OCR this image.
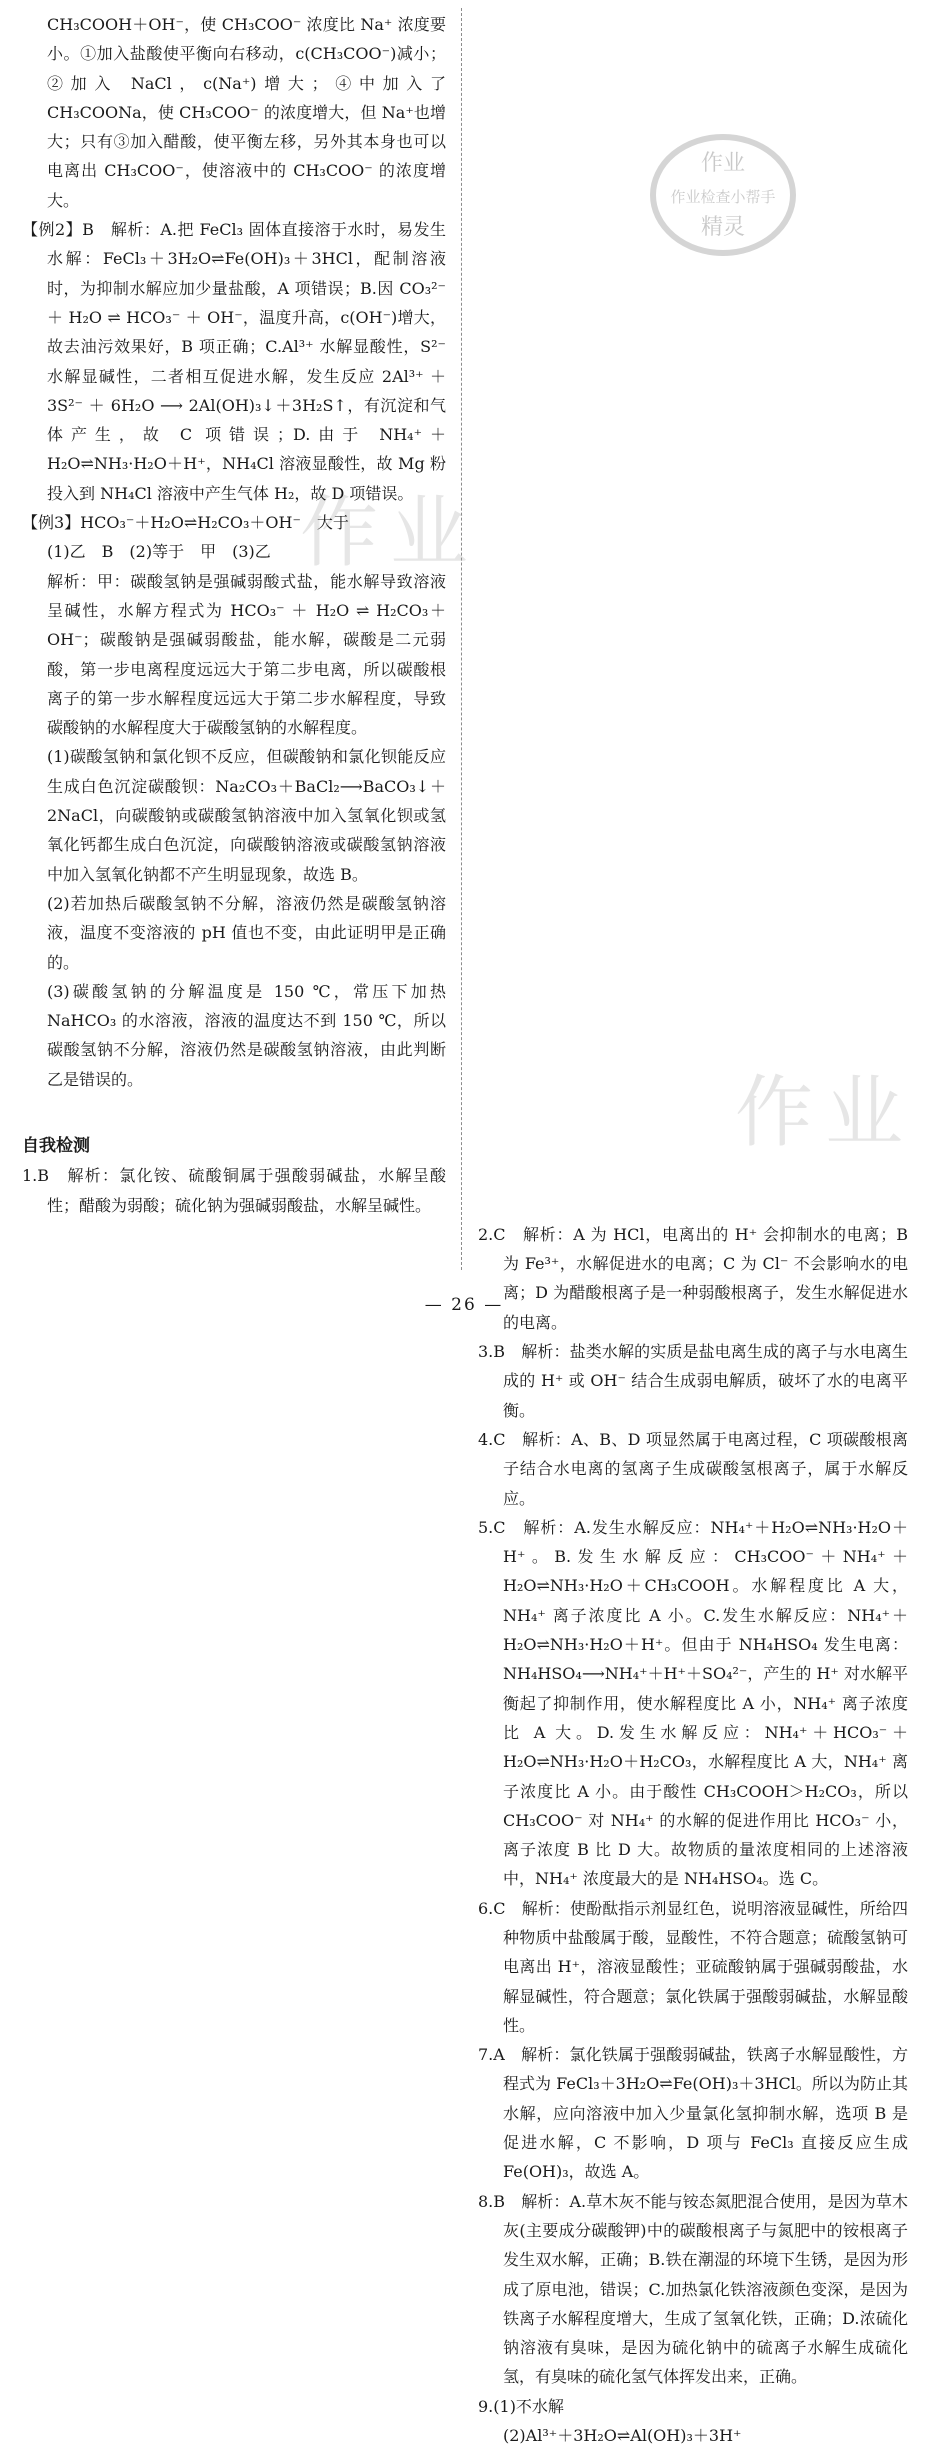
作业
作业
作业
作业检查小帮手
精灵

CH₃COOH＋OH⁻，使 CH₃COO⁻ 浓度比 Na⁺ 浓度要小。①加入盐酸使平衡向右移动，c(CH₃COO⁻)减小；②加入 NaCl，c(Na⁺)增大；④中加入了 CH₃COONa，使 CH₃COO⁻ 的浓度增大，但 Na⁺也增大；只有③加入醋酸，使平衡左移，另外其本身也可以电离出 CH₃COO⁻，使溶液中的 CH₃COO⁻ 的浓度增大。

【例2】B　解析：A.把 FeCl₃ 固体直接溶于水时，易发生水解：FeCl₃＋3H₂O⇌Fe(OH)₃＋3HCl，配制溶液时，为抑制水解应加少量盐酸，A 项错误；B.因 CO₃²⁻ ＋ H₂O ⇌ HCO₃⁻ ＋ OH⁻，温度升高，c(OH⁻)增大，故去油污效果好，B 项正确；C.Al³⁺ 水解显酸性，S²⁻ 水解显碱性，二者相互促进水解，发生反应 2Al³⁺ ＋ 3S²⁻ ＋ 6H₂O ⟶ 2Al(OH)₃↓＋3H₂S↑，有沉淀和气体产生，故 C 项错误；D.由于 NH₄⁺＋H₂O⇌NH₃·H₂O＋H⁺，NH₄Cl 溶液显酸性，故 Mg 粉投入到 NH₄Cl 溶液中产生气体 H₂，故 D 项错误。

【例3】HCO₃⁻＋H₂O⇌H₂CO₃＋OH⁻　大于

(1)乙　B　(2)等于　甲　(3)乙

解析：甲：碳酸氢钠是强碱弱酸式盐，能水解导致溶液呈碱性，水解方程式为 HCO₃⁻ ＋ H₂O ⇌ H₂CO₃＋OH⁻；碳酸钠是强碱弱酸盐，能水解，碳酸是二元弱酸，第一步电离程度远远大于第二步电离，所以碳酸根离子的第一步水解程度远远大于第二步水解程度，导致碳酸钠的水解程度大于碳酸氢钠的水解程度。

(1)碳酸氢钠和氯化钡不反应，但碳酸钠和氯化钡能反应生成白色沉淀碳酸钡：Na₂CO₃＋BaCl₂⟶BaCO₃↓＋2NaCl，向碳酸钠或碳酸氢钠溶液中加入氢氧化钡或氢氧化钙都生成白色沉淀，向碳酸钠溶液或碳酸氢钠溶液中加入氢氧化钠都不产生明显现象，故选 B。

(2)若加热后碳酸氢钠不分解，溶液仍然是碳酸氢钠溶液，温度不变溶液的 pH 值也不变，由此证明甲是正确的。

(3)碳酸氢钠的分解温度是 150 ℃，常压下加热 NaHCO₃ 的水溶液，溶液的温度达不到 150 ℃，所以碳酸氢钠不分解，溶液仍然是碳酸氢钠溶液，由此判断乙是错误的。

自我检测

1.B　解析：氯化铵、硫酸铜属于强酸弱碱盐，水解呈酸性；醋酸为弱酸；硫化钠为强碱弱酸盐，水解呈碱性。

2.C　解析：A 为 HCl，电离出的 H⁺ 会抑制水的电离；B 为 Fe³⁺，水解促进水的电离；C 为 Cl⁻ 不会影响水的电离；D 为醋酸根离子是一种弱酸根离子，发生水解促进水的电离。

3.B　解析：盐类水解的实质是盐电离生成的离子与水电离生成的 H⁺ 或 OH⁻ 结合生成弱电解质，破坏了水的电离平衡。

4.C　解析：A、B、D 项显然属于电离过程，C 项碳酸根离子结合水电离的氢离子生成碳酸氢根离子，属于水解反应。

5.C　解析：A.发生水解反应：NH₄⁺＋H₂O⇌NH₃·H₂O＋H⁺。B.发生水解反应：CH₃COO⁻＋NH₄⁺＋H₂O⇌NH₃·H₂O＋CH₃COOH。水解程度比 A 大，NH₄⁺ 离子浓度比 A 小。C.发生水解反应：NH₄⁺＋H₂O⇌NH₃·H₂O＋H⁺。但由于 NH₄HSO₄ 发生电离：NH₄HSO₄⟶NH₄⁺＋H⁺＋SO₄²⁻，产生的 H⁺ 对水解平衡起了抑制作用，使水解程度比 A 小，NH₄⁺ 离子浓度比 A 大。D.发生水解反应：NH₄⁺＋HCO₃⁻＋H₂O⇌NH₃·H₂O＋H₂CO₃，水解程度比 A 大，NH₄⁺ 离子浓度比 A 小。由于酸性 CH₃COOH＞H₂CO₃，所以 CH₃COO⁻ 对 NH₄⁺ 的水解的促进作用比 HCO₃⁻ 小，离子浓度 B 比 D 大。故物质的量浓度相同的上述溶液中，NH₄⁺ 浓度最大的是 NH₄HSO₄。选 C。

6.C　解析：使酚酞指示剂显红色，说明溶液显碱性，所给四种物质中盐酸属于酸，显酸性，不符合题意；硫酸氢钠可电离出 H⁺，溶液显酸性；亚硫酸钠属于强碱弱酸盐，水解显碱性，符合题意；氯化铁属于强酸弱碱盐，水解显酸性。

7.A　解析：氯化铁属于强酸弱碱盐，铁离子水解显酸性，方程式为 FeCl₃＋3H₂O⇌Fe(OH)₃＋3HCl。所以为防止其水解，应向溶液中加入少量氯化氢抑制水解，选项 B 是促进水解，C 不影响，D 项与 FeCl₃ 直接反应生成 Fe(OH)₃，故选 A。

8.B　解析：A.草木灰不能与铵态氮肥混合使用，是因为草木灰(主要成分碳酸钾)中的碳酸根离子与氮肥中的铵根离子发生双水解，正确；B.铁在潮湿的环境下生锈，是因为形成了原电池，错误；C.加热氯化铁溶液颜色变深，是因为铁离子水解程度增大，生成了氢氧化铁，正确；D.浓硫化钠溶液有臭味，是因为硫化钠中的硫离子水解生成硫化氢，有臭味的硫化氢气体挥发出来，正确。

9.(1)不水解

(2)Al³⁺＋3H₂O⇌Al(OH)₃＋3H⁺

— 26 —
